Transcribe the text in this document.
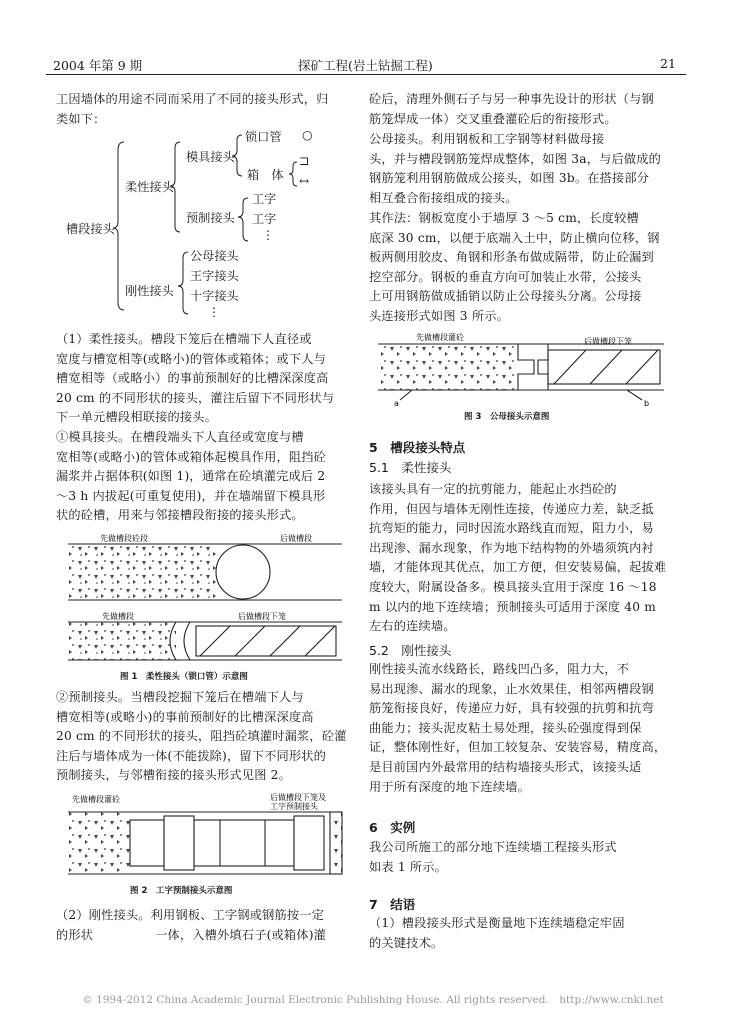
2004 年第 9 期	探矿工程(岩土钻掘工程)	21
工因墙体的用途不同而采用了不同的接头形式，归
类如下：
槽段接头
柔性接头
模具接头
锁口管 ○
箱　体
⊐
↔
预制接头
工字
工字
⋮
刚性接头
公母接头
王字接头
十字接头
⋮
（1）柔性接头。槽段下笼后在槽端下人直径或
宽度与槽宽相等(或略小)的管体或箱体；或下人与
槽宽相等（或略小）的事前预制好的比槽深深度高
20 cm 的不同形状的接头，灌注后留下不同形状与
下一单元槽段相联接的接头。
①模具接头。在槽段端头下人直径或宽度与槽
宽相等(或略小)的管体或箱体起模具作用，阻挡砼
漏浆并占据体积(如图 1)，通常在砼填灌完成后 2
～3 h 内拔起(可重复使用)，并在墙端留下模具形
状的砼槽，用来与邻接槽段衔接的接头形式。
先做槽段砼段	后做槽段
先做槽段	后做槽段下笼
图 1　柔性接头（锁口管）示意图
②预制接头。当槽段挖掘下笼后在槽端下人与
槽宽相等(或略小)的事前预制好的比槽深深度高
20 cm 的不同形状的接头，阻挡砼填灌时漏浆，砼灌
注后与墙体成为一体(不能拔除)，留下不同形状的
预制接头，与邻槽衔接的接头形式见图 2。
先做槽段灌砼	后做槽段下笼及
工字预制接头
图 2　工字预制接头示意图
（2）刚性接头。利用钢板、工字钢或钢筋按一定
的形状　　　　　一体，入槽外填石子(或箱体)灌
砼后，清理外侧石子与另一种事先设计的形状（与钢
筋笼焊成一体）交叉重叠灌砼后的衔接形式。
公母接头。利用钢板和工字钢等材料做母接
头，并与槽段钢筋笼焊成整体，如图 3a，与后做成的
钢筋笼利用钢筋做成公接头，如图 3b。在搭接部分
相互叠合衔接组成的接头。
其作法：钢板宽度小于墙厚 3 ～5 cm，长度较槽
底深 30 cm，以便于底端入土中，防止横向位移，钢
板两侧用胶皮、角钢和形条布做成隔带，防止砼漏到
挖空部分。钢板的垂直方向可加装止水带，公接头
上可用钢筋做成插销以防止公母接头分离。公母接
头连接形式如图 3 所示。
先做槽段灌砼	后做槽段下笼
a	b
图 3　公母接头示意图
5　槽段接头特点
5.1　柔性接头
该接头具有一定的抗剪能力，能起止水挡砼的
作用，但因与墙体无刚性连接，传递应力差，缺乏抵
抗弯矩的能力，同时因流水路线直而短，阻力小，易
出现渗、漏水现象，作为地下结构物的外墙须筑内衬
墙，才能体现其优点，加工方便，但安装易偏，起拔难
度较大，附属设备多。模具接头宜用于深度 16 ～18
m 以内的地下连续墙；预制接头可适用于深度 40 m
左右的连续墙。
5.2　刚性接头
刚性接头流水线路长，路线凹凸多，阻力大，不
易出现渗、漏水的现象，止水效果佳，相邻两槽段钢
筋笼衔接良好，传递应力好，具有较强的抗剪和抗弯
曲能力；接头泥皮粘土易处理，接头砼强度得到保
证，整体刚性好，但加工较复杂、安装容易，精度高，
是目前国内外最常用的结构墙接头形式，该接头适
用于所有深度的地下连续墙。
6　实例
我公司所施工的部分地下连续墙工程接头形式
如表 1 所示。
7　结语
（1）槽段接头形式是衡量地下连续墙稳定牢固
的关键技术。
© 1994-2012 China Academic Journal Electronic Publishing House. All rights reserved.　http://www.cnki.net
